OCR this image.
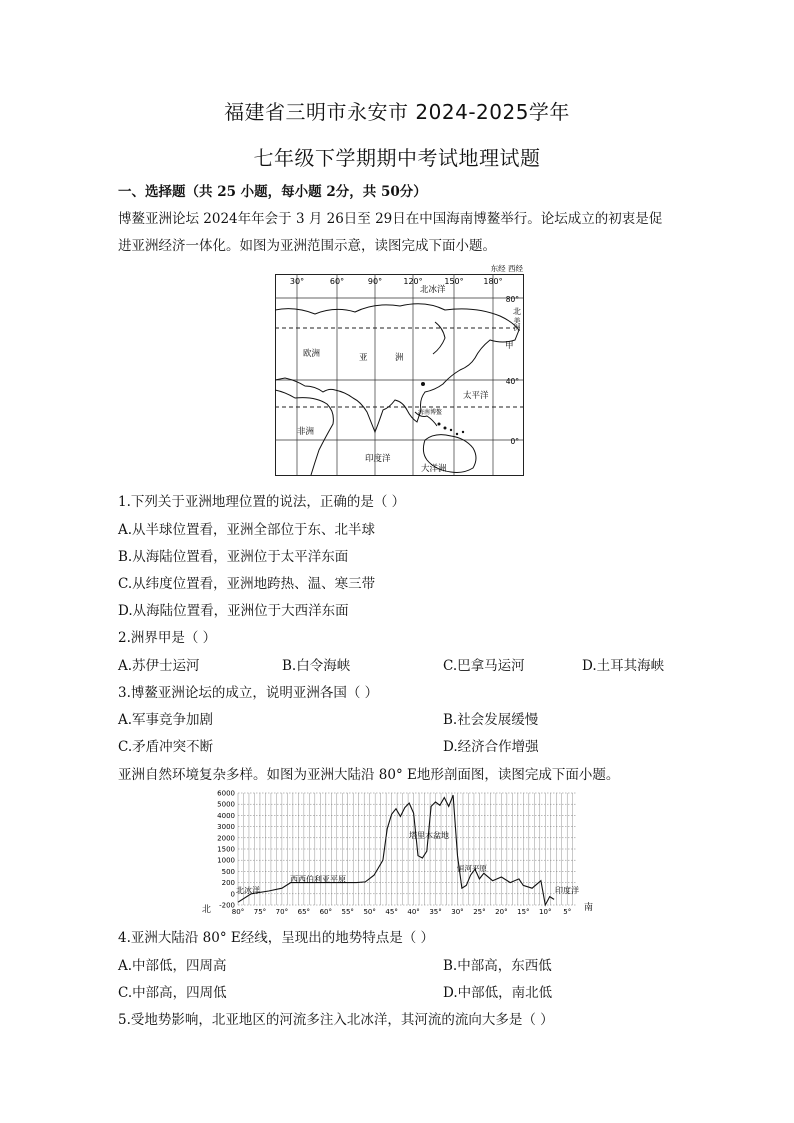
福建省三明市永安市 2024-2025学年
七年级下学期期中考试地理试题
一、选择题（共 25 小题，每小题 2分，共 50分）
博鳌亚洲论坛 2024年年会于 3 月 26日至 29日在中国海南博鳌举行。论坛成立的初衷是促
进亚洲经济一体化。如图为亚洲范围示意，读图完成下面小题。
30°	60°	90°	120°	150° 180°
东经 西经
80°
40°
0°
北
美洲
北冰洋
欧洲	亚	洲
甲
太平洋
海南博鳌
非洲
印度洋
大洋洲
1.下列关于亚洲地理位置的说法，正确的是（ ）
A.从半球位置看，亚洲全部位于东、北半球
B.从海陆位置看，亚洲位于太平洋东面
C.从纬度位置看，亚洲地跨热、温、寒三带
D.从海陆位置看，亚洲位于大西洋东面
2.洲界甲是（ ）
A.苏伊士运河	B.白令海峡	C.巴拿马运河	D.土耳其海峡
3.博鳌亚洲论坛的成立，说明亚洲各国（ ）
A.军事竞争加剧	B.社会发展缓慢
C.矛盾冲突不断	D.经济合作增强
亚洲自然环境复杂多样。如图为亚洲大陆沿 80° E地形剖面图，读图完成下面小题。
6000
5000
4000
3000
2000
1500
1000
500
200
0
-200
80° 75° 70° 65° 60° 55° 50° 45° 40° 35° 30° 25° 20° 15° 10° 5°
北	南
北冰洋
西西伯利亚平原
塔里木盆地
恒河平原
印度洋
4.亚洲大陆沿 80° E经线，呈现出的地势特点是（ ）
A.中部低，四周高	B.中部高，东西低
C.中部高，四周低	D.中部低，南北低
5.受地势影响，北亚地区的河流多注入北冰洋，其河流的流向大多是（ ）
